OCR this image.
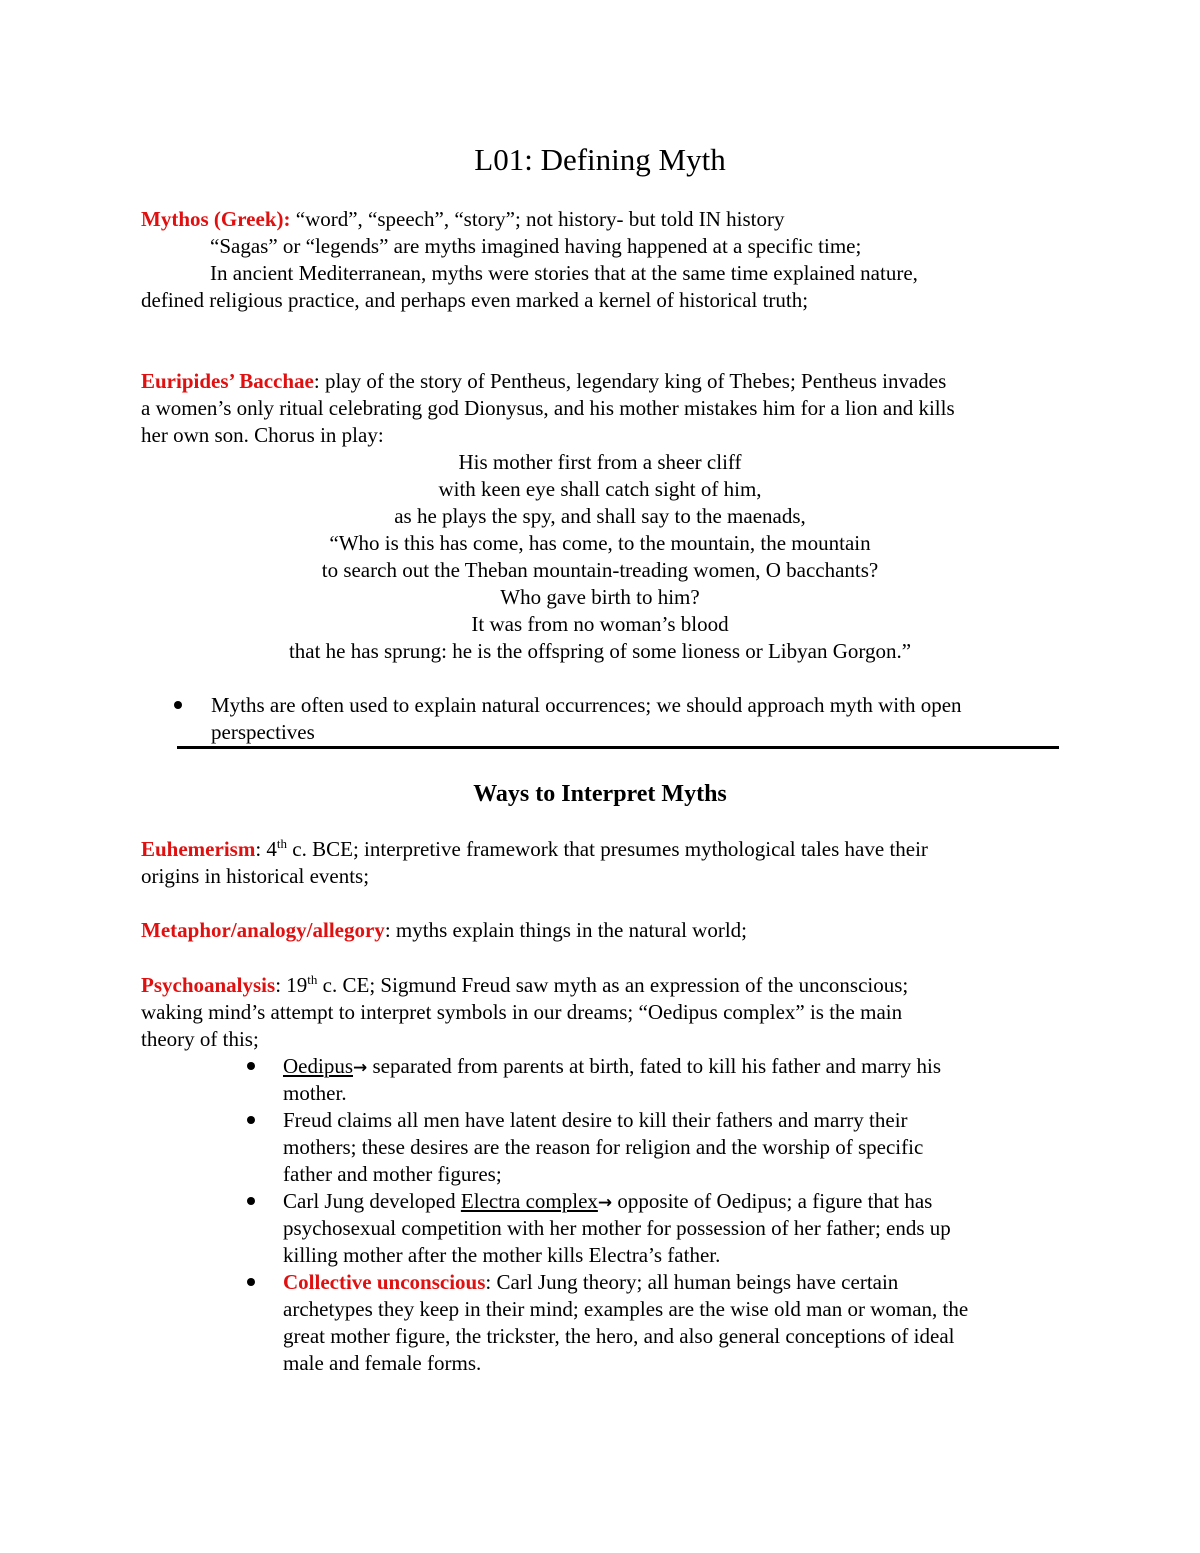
L01: Defining Myth
Mythos (Greek): “word”, “speech”, “story”; not history- but told IN history
“Sagas” or “legends” are myths imagined having happened at a specific time;
In ancient Mediterranean, myths were stories that at the same time explained nature,
defined religious practice, and perhaps even marked a kernel of historical truth;
Euripides’ Bacchae: play of the story of Pentheus, legendary king of Thebes; Pentheus invades
a women’s only ritual celebrating god Dionysus, and his mother mistakes him for a lion and kills
her own son. Chorus in play:
His mother first from a sheer cliff
with keen eye shall catch sight of him,
as he plays the spy, and shall say to the maenads,
“Who is this has come, has come, to the mountain, the mountain
to search out the Theban mountain-treading women, O bacchants?
Who gave birth to him?
It was from no woman’s blood
that he has sprung: he is the offspring of some lioness or Libyan Gorgon.”
Myths are often used to explain natural occurrences; we should approach myth with open
perspectives
Ways to Interpret Myths
Euhemerism: 4th c. BCE; interpretive framework that presumes mythological tales have their
origins in historical events;
Metaphor/analogy/allegory: myths explain things in the natural world;
Psychoanalysis: 19th c. CE; Sigmund Freud saw myth as an expression of the unconscious;
waking mind’s attempt to interpret symbols in our dreams; “Oedipus complex” is the main
theory of this;
Oedipus→ separated from parents at birth, fated to kill his father and marry his
mother.
Freud claims all men have latent desire to kill their fathers and marry their
mothers; these desires are the reason for religion and the worship of specific
father and mother figures;
Carl Jung developed Electra complex→ opposite of Oedipus; a figure that has
psychosexual competition with her mother for possession of her father; ends up
killing mother after the mother kills Electra’s father.
Collective unconscious: Carl Jung theory; all human beings have certain
archetypes they keep in their mind; examples are the wise old man or woman, the
great mother figure, the trickster, the hero, and also general conceptions of ideal
male and female forms.
